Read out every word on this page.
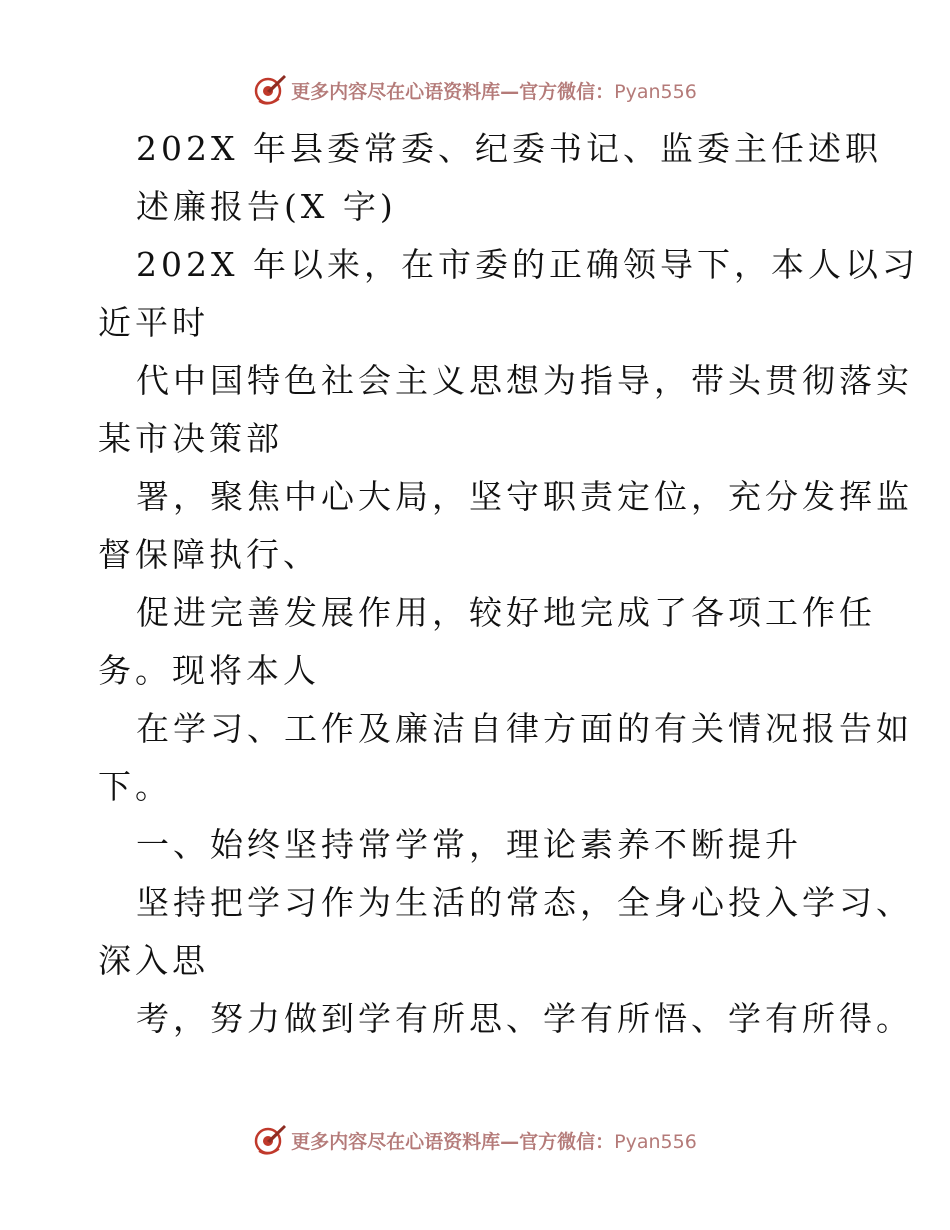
更多内容尽在心语资料库—官方微信：Pyan556
202X 年县委常委、纪委书记、监委主任述职
述廉报告(X 字)
202X 年以来，在市委的正确领导下，本人以习
近平时
代中国特色社会主义思想为指导，带头贯彻落实
某市决策部
署，聚焦中心大局，坚守职责定位，充分发挥监
督保障执行、
促进完善发展作用，较好地完成了各项工作任
务。现将本人
在学习、工作及廉洁自律方面的有关情况报告如
下。
一、始终坚持常学常，理论素养不断提升
坚持把学习作为生活的常态，全身心投入学习、
深入思
考，努力做到学有所思、学有所悟、学有所得。
更多内容尽在心语资料库—官方微信：Pyan556
